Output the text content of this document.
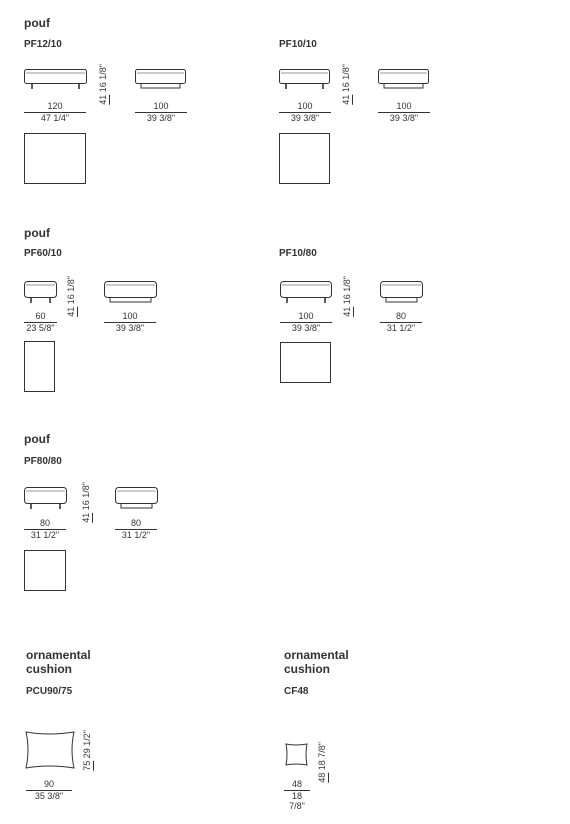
pouf
PF12/10
41 16 1/8"
120
47 1/4"
100
39 3/8"
PF10/10
41 16 1/8"
100
39 3/8"
100
39 3/8"
pouf
PF60/10
41 16 1/8"
60
23 5/8"
100
39 3/8"
PF10/80
41 16 1/8"
100
39 3/8"
80
31 1/2"
pouf
PF80/80
41 16 1/8"
80
31 1/2"
80
31 1/2"
ornamental
cushion
PCU90/75
75 29 1/2"
90
35 3/8"
ornamental
cushion
CF48
48 18 7/8"
48
18 7/8"
